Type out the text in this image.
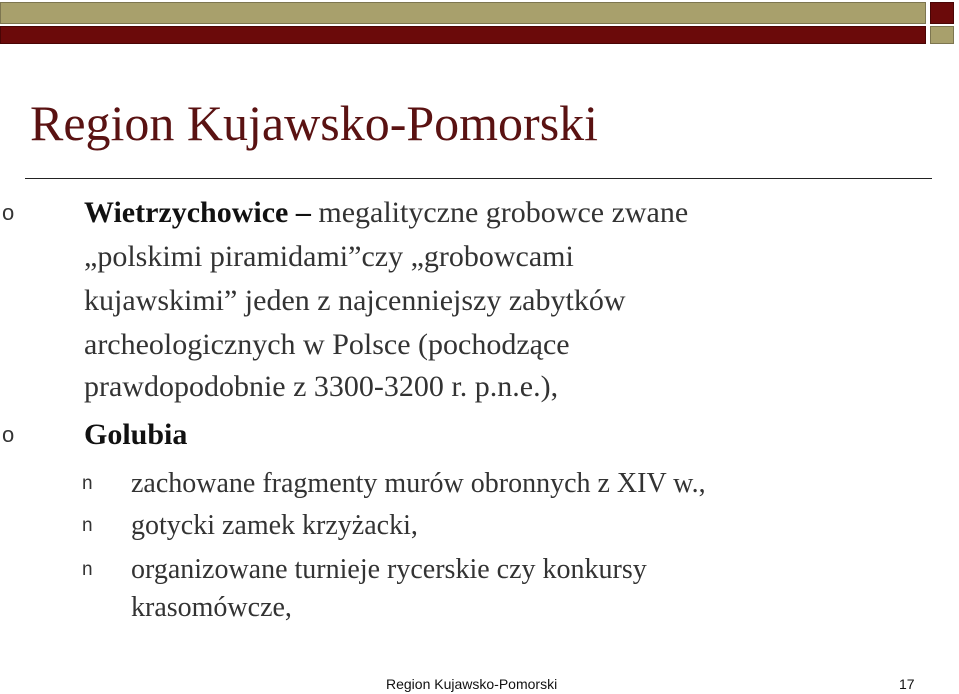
Region Kujawsko-Pomorski
o Wietrzychowice – megalityczne grobowce zwane
„polskimi piramidami”czy „grobowcami
kujawskimi” jeden z najcenniejszy zabytków
archeologicznych w Polsce (pochodzące
prawdopodobnie z 3300-3200 r. p.n.e.),
o Golubia
n zachowane fragmenty murów obronnych z XIV w.,
n gotycki zamek krzyżacki,
n organizowane turnieje rycerskie czy konkursy
krasomówcze,
Region Kujawsko-Pomorski	17
